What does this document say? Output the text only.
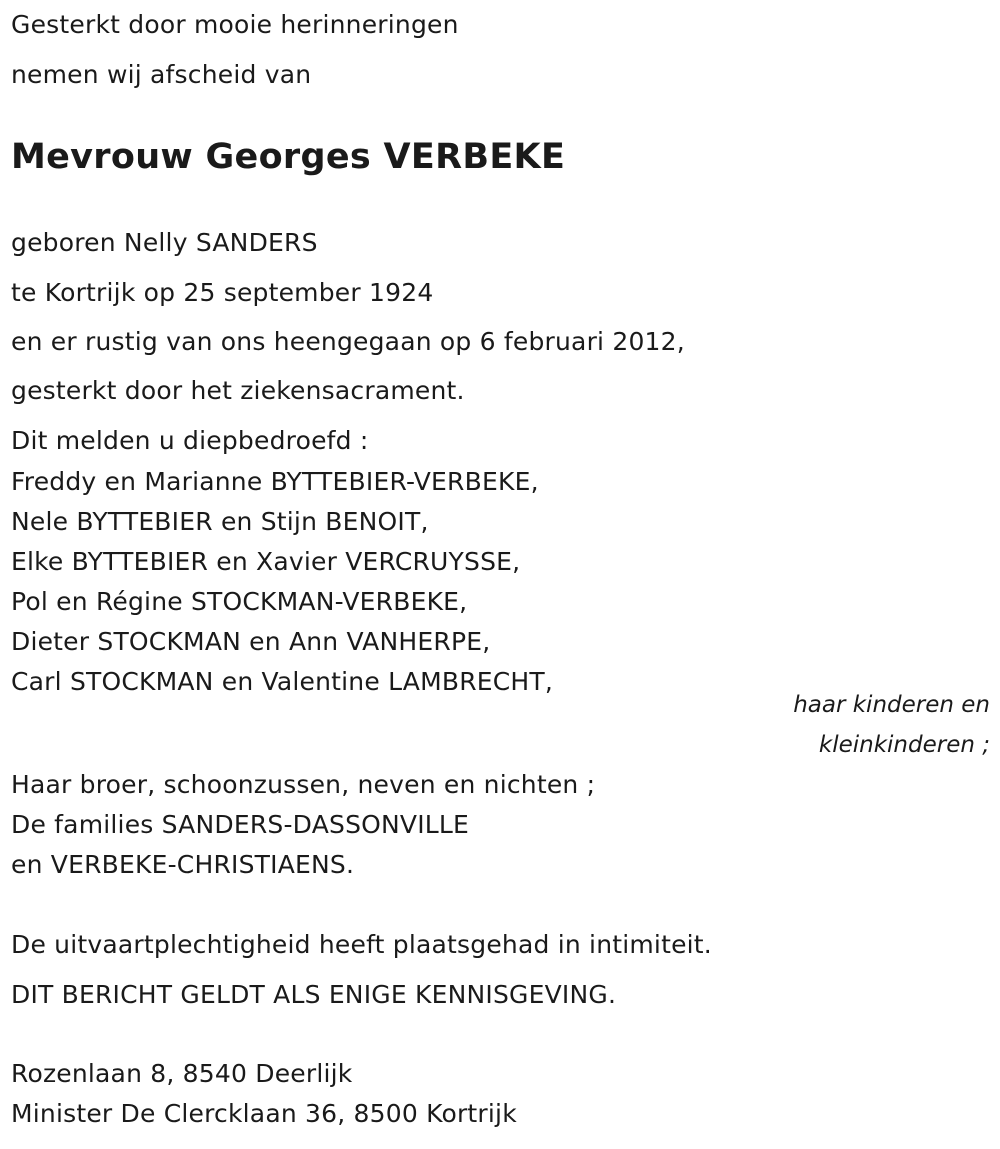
Gesterkt door mooie herinneringen
nemen wij afscheid van
Mevrouw Georges VERBEKE
geboren Nelly SANDERS
te Kortrijk op 25 september 1924
en er rustig van ons heengegaan op 6 februari 2012,
gesterkt door het ziekensacrament.
Dit melden u diepbedroefd :
Freddy en Marianne BYTTEBIER-VERBEKE,
Nele BYTTEBIER en Stijn BENOIT,
Elke BYTTEBIER en Xavier VERCRUYSSE,
Pol en Régine STOCKMAN-VERBEKE,
Dieter STOCKMAN en Ann VANHERPE,
Carl STOCKMAN en Valentine LAMBRECHT,
haar kinderen en
kleinkinderen ;
Haar broer, schoonzussen, neven en nichten ;
De families SANDERS-DASSONVILLE
en VERBEKE-CHRISTIAENS.
De uitvaartplechtigheid heeft plaatsgehad in intimiteit.
DIT BERICHT GELDT ALS ENIGE KENNISGEVING.
Rozenlaan 8, 8540 Deerlijk
Minister De Clercklaan 36, 8500 Kortrijk
